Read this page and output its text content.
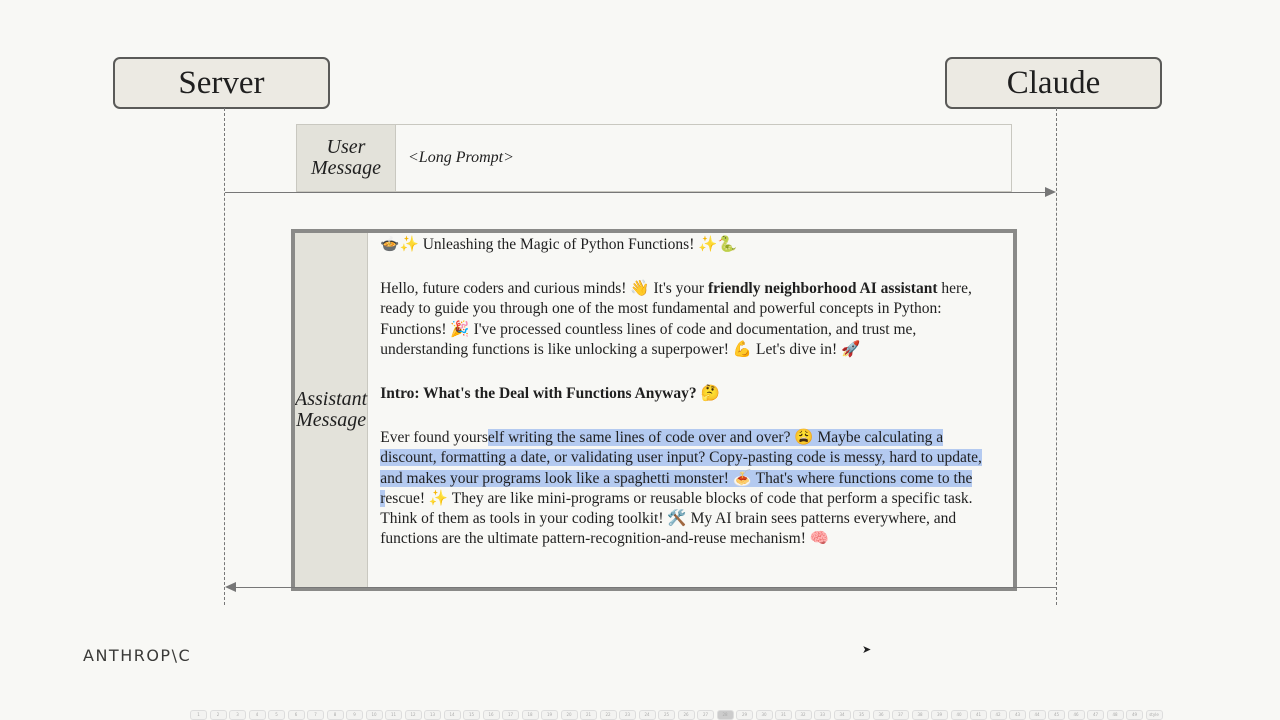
Server	Claude
User
Message	<Long Prompt>
Assistant
Message

🍲✨ Unleashing the Magic of Python Functions! ✨🐍

Hello, future coders and curious minds! 👋 It's your friendly neighborhood AI assistant here, ready to guide you through one of the most fundamental and powerful concepts in Python: Functions! 🎉 I've processed countless lines of code and documentation, and trust me, understanding functions is like unlocking a superpower! 💪 Let's dive in! 🚀

Intro: What's the Deal with Functions Anyway? 🤔

Ever found yourself writing the same lines of code over and over? 😩 Maybe calculating a discount, formatting a date, or validating user input? Copy-pasting code is messy, hard to update, and makes your programs look like a spaghetti monster! 🍝 That's where functions come to the rescue! ✨ They are like mini-programs or reusable blocks of code that perform a specific task. Think of them as tools in your coding toolkit! 🛠️ My AI brain sees patterns everywhere, and functions are the ultimate pattern-recognition-and-reuse mechanism! 🧠

ANTHROP\C	➤
1	2	3	4	5	6	7	8	9	10	11	12	13	14	15	16	17	18	19	20	21	22	23	24	25	26	27	28	29	30	31	32	33	34	35	36	37	38	39	40	41	42	43	44	45	46	47	48	49	style
